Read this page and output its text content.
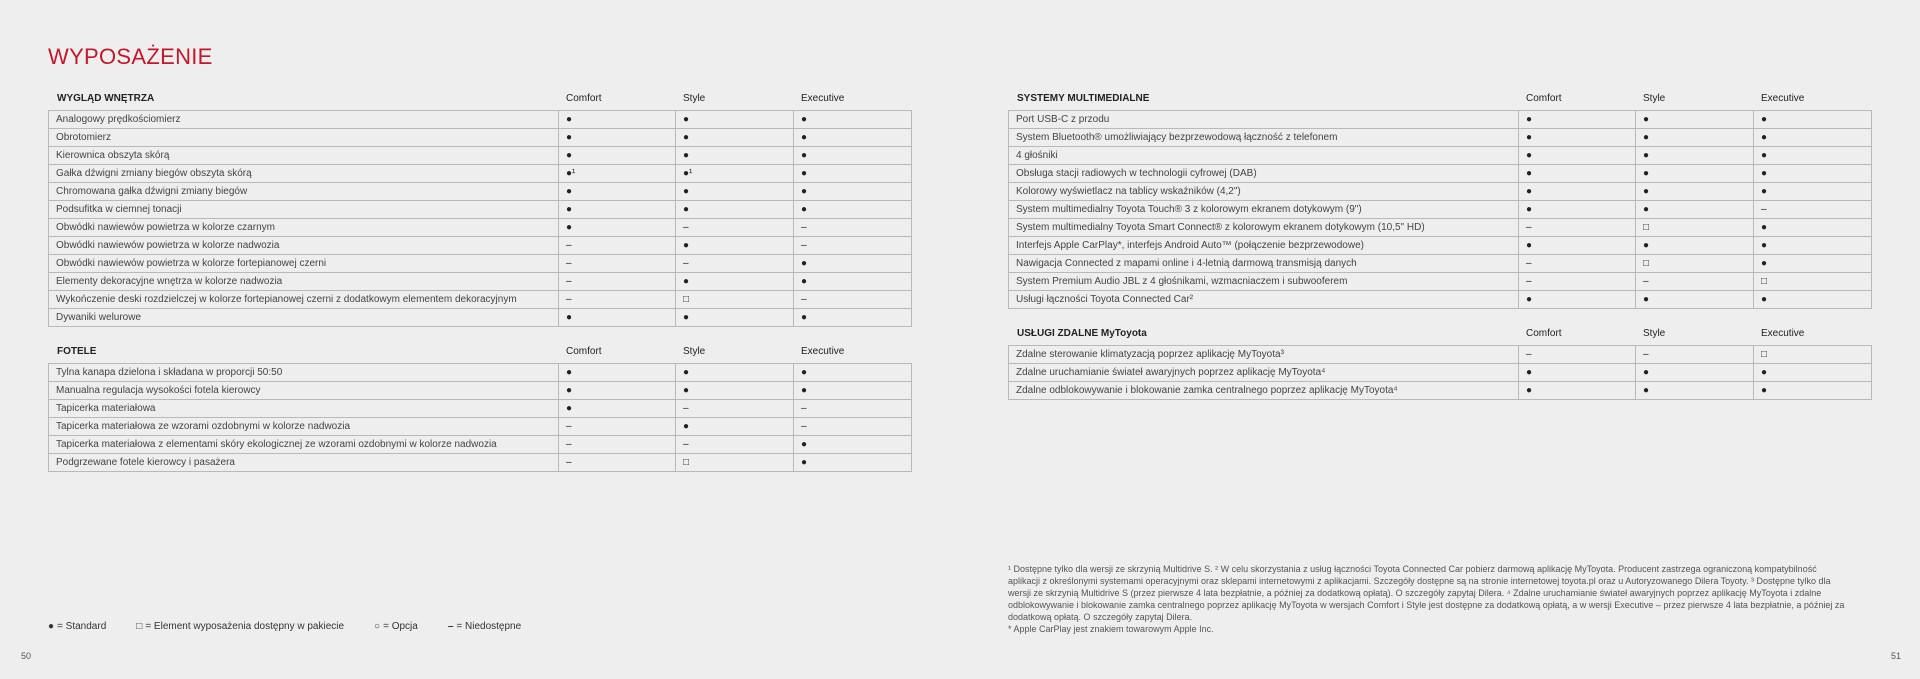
WYPOSAŻENIE
WYGLĄD WNĘTRZA	Comfort	Style	Executive
Analogowy prędkościomierz	●	●	●
Obrotomierz	●	●	●
Kierownica obszyta skórą	●	●	●
Gałka dźwigni zmiany biegów obszyta skórą	●¹	●¹	●
Chromowana gałka dźwigni zmiany biegów	●	●	●
Podsufitka w ciemnej tonacji	●	●	●
Obwódki nawiewów powietrza w kolorze czarnym	●	–	–
Obwódki nawiewów powietrza w kolorze nadwozia	–	●	–
Obwódki nawiewów powietrza w kolorze fortepianowej czerni	–	–	●
Elementy dekoracyjne wnętrza w kolorze nadwozia	–	●	●
Wykończenie deski rozdzielczej w kolorze fortepianowej czerni z dodatkowym elementem dekoracyjnym	–	□	–
Dywaniki welurowe	●	●	●
FOTELE	Comfort	Style	Executive
Tylna kanapa dzielona i składana w proporcji 50:50	●	●	●
Manualna regulacja wysokości fotela kierowcy	●	●	●
Tapicerka materiałowa	●	–	–
Tapicerka materiałowa ze wzorami ozdobnymi w kolorze nadwozia	–	●	–
Tapicerka materiałowa z elementami skóry ekologicznej ze wzorami ozdobnymi w kolorze nadwozia	–	–	●
Podgrzewane fotele kierowcy i pasażera	–	□	●
SYSTEMY MULTIMEDIALNE	Comfort	Style	Executive
Port USB-C z przodu	●	●	●
System Bluetooth® umożliwiający bezprzewodową łączność z telefonem	●	●	●
4 głośniki	●	●	●
Obsługa stacji radiowych w technologii cyfrowej (DAB)	●	●	●
Kolorowy wyświetlacz na tablicy wskaźników (4,2")	●	●	●
System multimedialny Toyota Touch® 3 z kolorowym ekranem dotykowym (9")	●	●	–
System multimedialny Toyota Smart Connect® z kolorowym ekranem dotykowym (10,5" HD)	–	□	●
Interfejs Apple CarPlay*, interfejs Android Auto™ (połączenie bezprzewodowe)	●	●	●
Nawigacja Connected z mapami online i 4-letnią darmową transmisją danych	–	□	●
System Premium Audio JBL z 4 głośnikami, wzmacniaczem i subwooferem	–	–	□
Usługi łączności Toyota Connected Car²	●	●	●
USŁUGI ZDALNE MyToyota	Comfort	Style	Executive
Zdalne sterowanie klimatyzacją poprzez aplikację MyToyota³	–	–	□
Zdalne uruchamianie świateł awaryjnych poprzez aplikację MyToyota⁴	●	●	●
Zdalne odblokowywanie i blokowanie zamka centralnego poprzez aplikację MyToyota⁴	●	●	●
● = Standard	□ = Element wyposażenia dostępny w pakiecie	○ = Opcja	– = Niedostępne

¹ Dostępne tylko dla wersji ze skrzynią Multidrive S. ² W celu skorzystania z usług łączności Toyota Connected Car pobierz darmową aplikację MyToyota. Producent zastrzega ograniczoną kompatybilność aplikacji z określonymi systemami operacyjnymi oraz sklepami internetowymi z aplikacjami. Szczegóły dostępne są na stronie internetowej toyota.pl oraz u Autoryzowanego Dilera Toyoty. ³ Dostępne tylko dla wersji ze skrzynią Multidrive S (przez pierwsze 4 lata bezpłatnie, a później za dodatkową opłatą). O szczegóły zapytaj Dilera. ⁴ Zdalne uruchamianie świateł awaryjnych poprzez aplikację MyToyota i zdalne odblokowywanie i blokowanie zamka centralnego poprzez aplikację MyToyota w wersjach Comfort i Style jest dostępne za dodatkową opłatą, a w wersji Executive – przez pierwsze 4 lata bezpłatnie, a później za dodatkową opłatą. O szczegóły zapytaj Dilera.

* Apple CarPlay jest znakiem towarowym Apple Inc.

50	51
